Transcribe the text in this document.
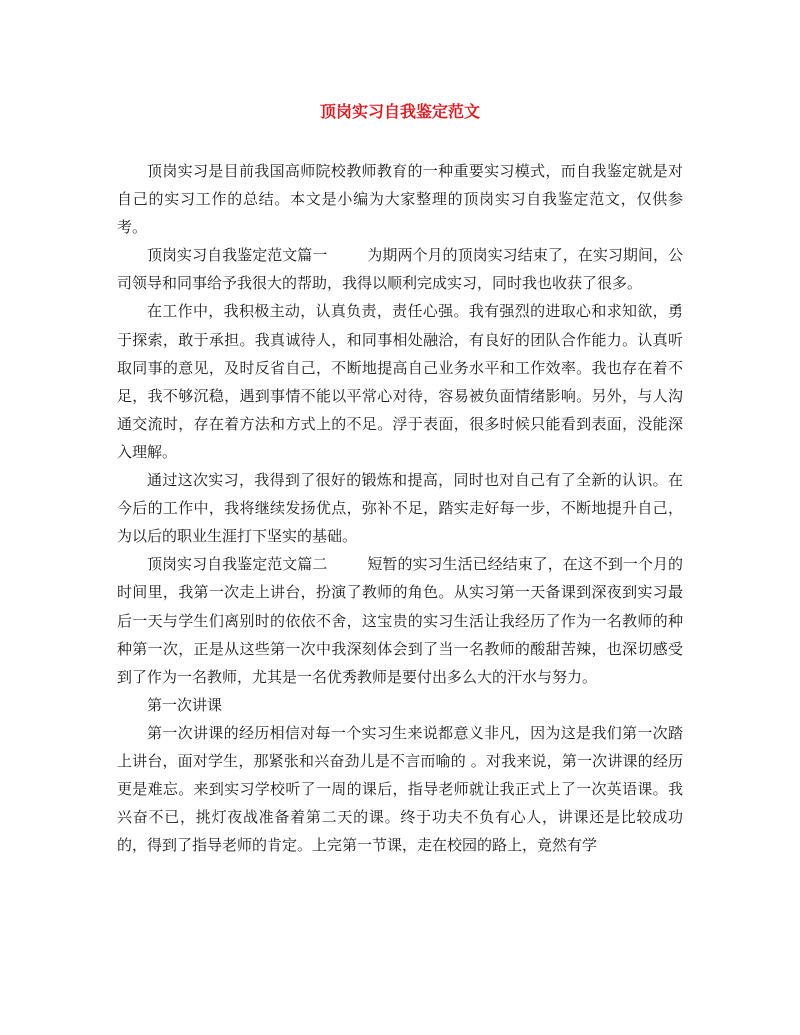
顶岗实习自我鉴定范文

顶岗实习是目前我国高师院校教师教育的一种重要实习模式，而自我鉴定就是对自己的实习工作的总结。本文是小编为大家整理的顶岗实习自我鉴定范文，仅供参考。

顶岗实习自我鉴定范文篇一	为期两个月的顶岗实习结束了，在实习期间，公司领导和同事给予我很大的帮助，我得以顺利完成实习，同时我也收获了很多。

在工作中，我积极主动，认真负责，责任心强。我有强烈的进取心和求知欲，勇于探索，敢于承担。我真诚待人，和同事相处融洽，有良好的团队合作能力。认真听取同事的意见，及时反省自己，不断地提高自己业务水平和工作效率。我也存在着不足，我不够沉稳，遇到事情不能以平常心对待，容易被负面情绪影响。另外，与人沟通交流时，存在着方法和方式上的不足。浮于表面，很多时候只能看到表面，没能深入理解。

通过这次实习，我得到了很好的锻炼和提高，同时也对自己有了全新的认识。在今后的工作中，我将继续发扬优点，弥补不足，踏实走好每一步，不断地提升自己，为以后的职业生涯打下坚实的基础。

顶岗实习自我鉴定范文篇二	短暂的实习生活已经结束了，在这不到一个月的时间里，我第一次走上讲台，扮演了教师的角色。从实习第一天备课到深夜到实习最后一天与学生们离别时的依依不舍，这宝贵的实习生活让我经历了作为一名教师的种种第一次，正是从这些第一次中我深刻体会到了当一名教师的酸甜苦辣，也深切感受到了作为一名教师，尤其是一名优秀教师是要付出多么大的汗水与努力。

第一次讲课

第一次讲课的经历相信对每一个实习生来说都意义非凡，因为这是我们第一次踏上讲台，面对学生，那紧张和兴奋劲儿是不言而喻的 。对我来说，第一次讲课的经历更是难忘。来到实习学校听了一周的课后，指导老师就让我正式上了一次英语课。我兴奋不已，挑灯夜战准备着第二天的课。终于功夫不负有心人，讲课还是比较成功的，得到了指导老师的肯定。上完第一节课，走在校园的路上，竟然有学
